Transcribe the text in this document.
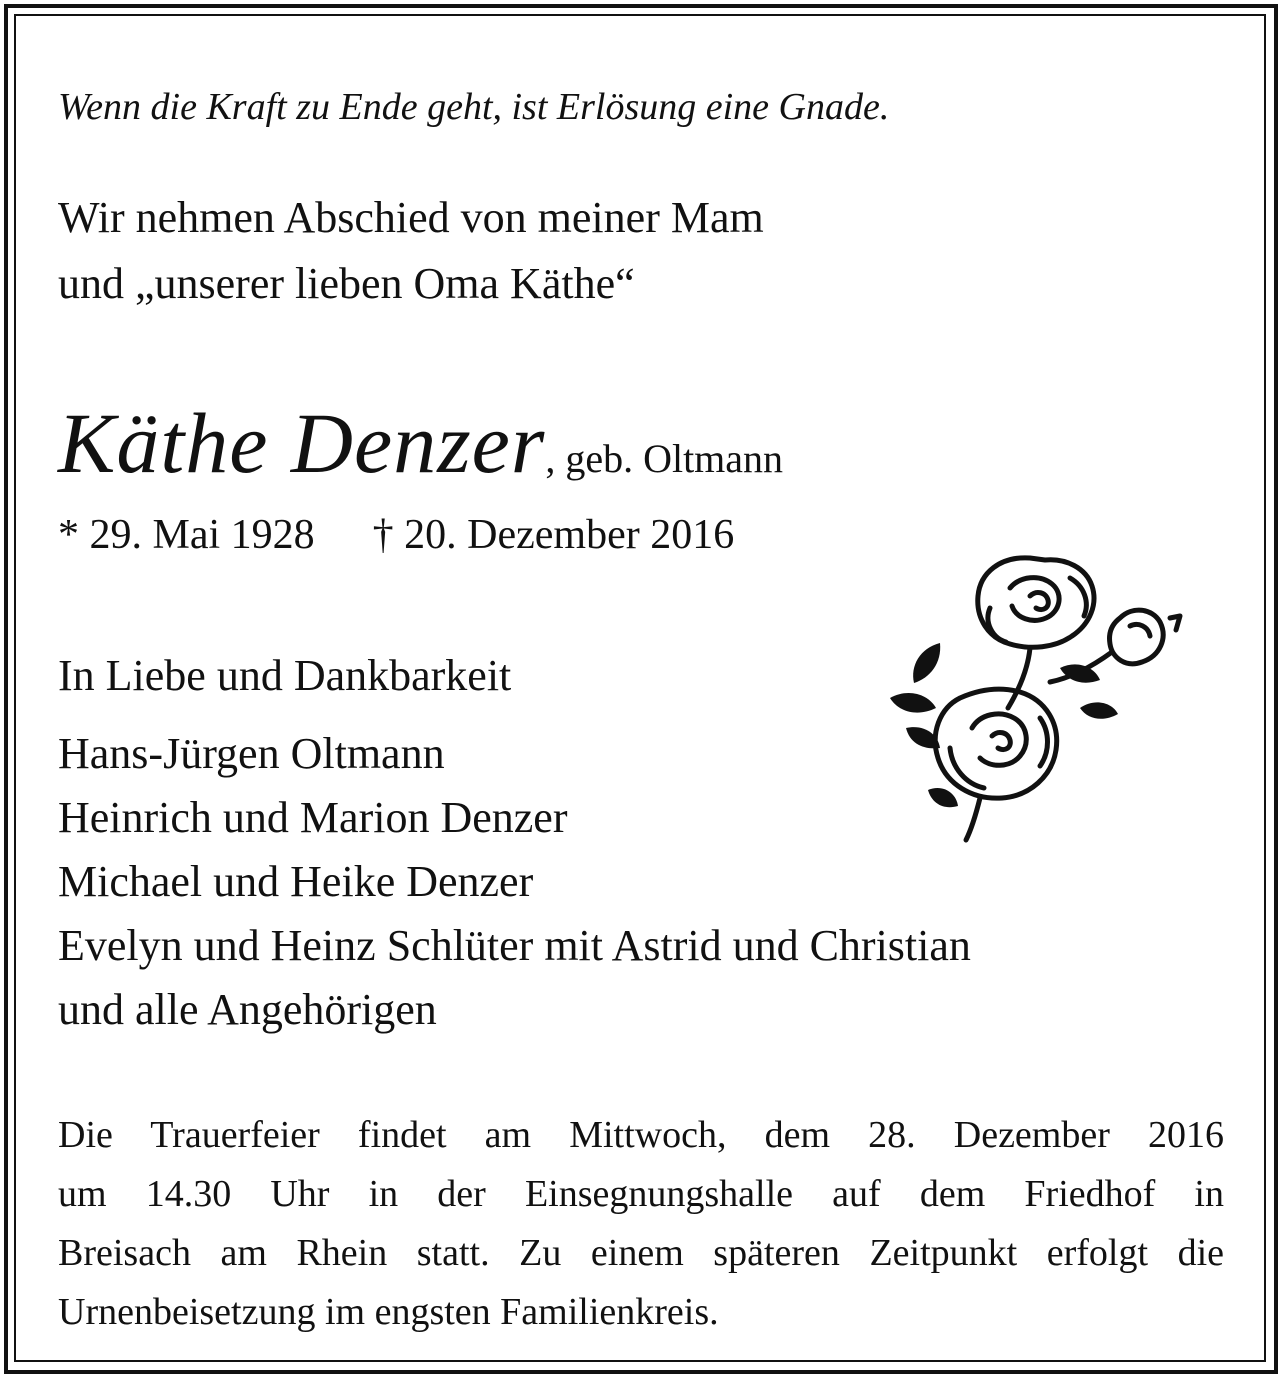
Wenn die Kraft zu Ende geht, ist Erlösung eine Gnade.
Wir nehmen Abschied von meiner Mam
und „unserer lieben Oma Käthe“
Käthe Denzer, geb. Oltmann
* 29. Mai 1928 † 20. Dezember 2016
In Liebe und Dankbarkeit
Hans-Jürgen Oltmann
Heinrich und Marion Denzer
Michael und Heike Denzer
Evelyn und Heinz Schlüter mit Astrid und Christian
und alle Angehörigen
Die Trauerfeier findet am Mittwoch, dem 28. Dezember 2016
um 14.30 Uhr in der Einsegnungshalle auf dem Friedhof in
Breisach am Rhein statt. Zu einem späteren Zeitpunkt erfolgt die
Urnenbeisetzung im engsten Familienkreis.
